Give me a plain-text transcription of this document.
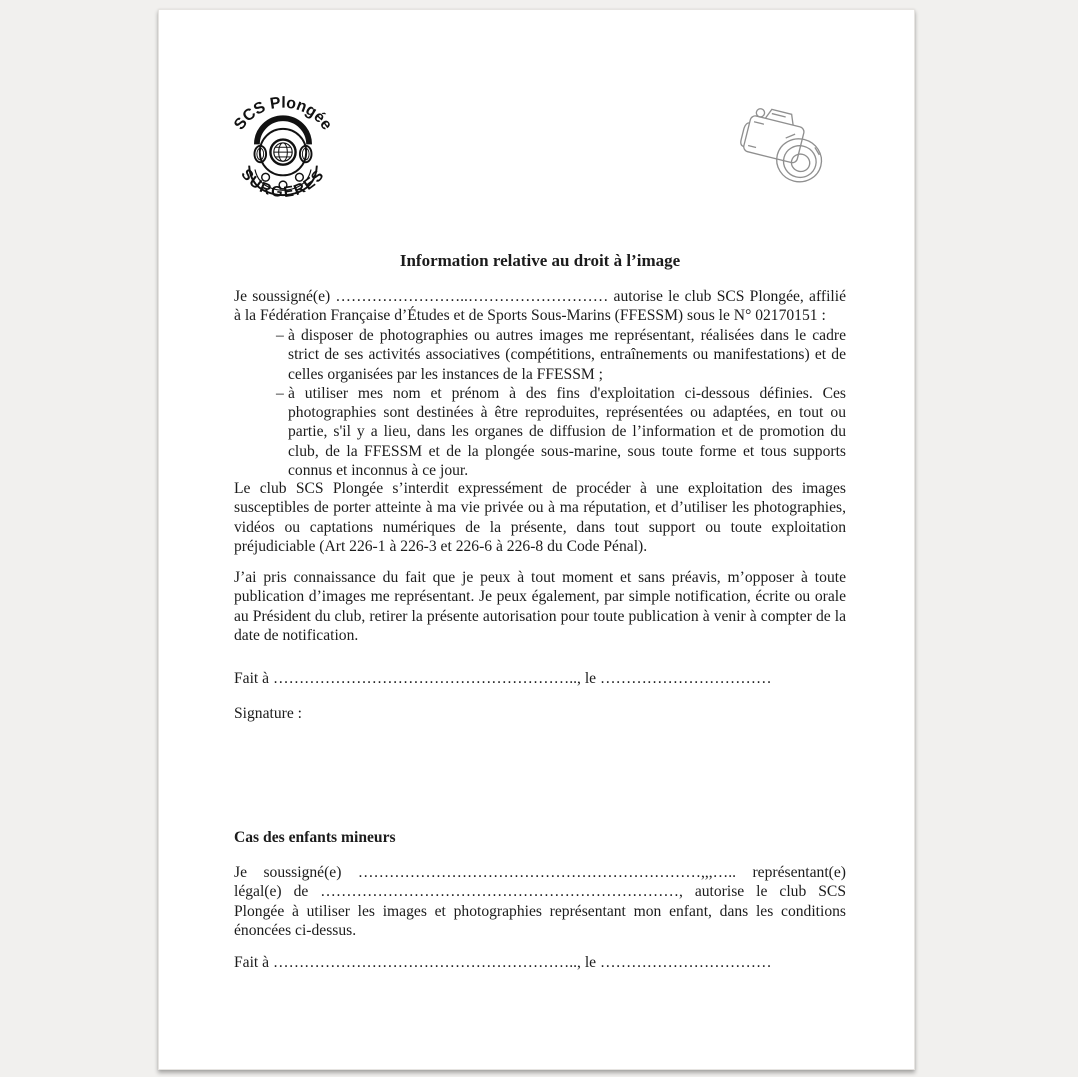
SCS Plongée
SURGERES
Information relative au droit à l’image
Je soussigné(e) ……………………..……………………… autorise le club SCS Plongée, affilié à la Fédération Française d’Études et de Sports Sous-Marins (FFESSM) sous le N° 02170151 :
– à disposer de photographies ou autres images me représentant, réalisées dans le cadre strict de ses activités associatives (compétitions, entraînements ou manifestations) et de celles organisées par les instances de la FFESSM ;
– à utiliser mes nom et prénom à des fins d'exploitation ci-dessous définies. Ces photographies sont destinées à être reproduites, représentées ou adaptées, en tout ou partie, s'il y a lieu, dans les organes de diffusion de l’information et de promotion du club, de la FFESSM et de la plongée sous-marine, sous toute forme et tous supports connus et inconnus à ce jour.
Le club SCS Plongée s’interdit expressément de procéder à une exploitation des images susceptibles de porter atteinte à ma vie privée ou à ma réputation, et d’utiliser les photographies, vidéos ou captations numériques de la présente, dans tout support ou toute exploitation préjudiciable (Art 226-1 à 226-3 et 226-6 à 226-8 du Code Pénal).
J’ai pris connaissance du fait que je peux à tout moment et sans préavis, m’opposer à toute publication d’images me représentant. Je peux également, par simple notification, écrite ou orale au Président du club, retirer la présente autorisation pour toute publication à venir à compter de la date de notification.
Fait à ………………………………………………….., le ……………………………
Signature :
Cas des enfants mineurs
Je soussigné(e) …………………………………………………………,,,….. représentant(e) légal(e) de ……………………………………………………………, autorise le club SCS Plongée à utiliser les images et photographies représentant mon enfant, dans les conditions énoncées ci-dessus.
Fait à ………………………………………………….., le ……………………………
